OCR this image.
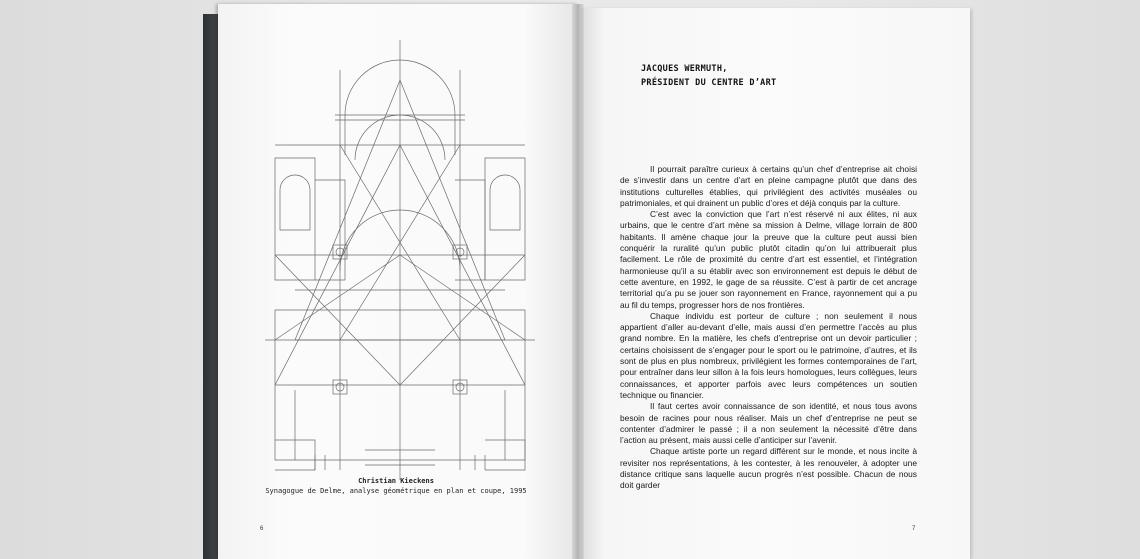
Christian Kieckens
Synagogue de Delme, analyse géométrique en plan et coupe, 1995
6
JACQUES WERMUTH,
PRÉSIDENT DU CENTRE D’ART

Il pourrait paraître curieux à certains qu’un chef d’entreprise ait choisi de s’investir dans un centre d’art en pleine campagne plutôt que dans des institutions culturelles établies, qui privilégient des activités muséales ou patrimoniales, et qui drainent un public d’ores et déjà conquis par la culture.

C’est avec la conviction que l’art n’est réservé ni aux élites, ni aux urbains, que le centre d’art mène sa mission à Delme, village lorrain de 800 habitants. Il amène chaque jour la preuve que la culture peut aussi bien conquérir la ruralité qu’un public plutôt citadin qu’on lui attribuerait plus facilement. Le rôle de proximité du centre d’art est essentiel, et l’intégration harmonieuse qu’il a su établir avec son environnement est depuis le début de cette aventure, en 1992, le gage de sa réussite. C’est à partir de cet ancrage territorial qu’a pu se jouer son rayonnement en France, rayonnement qui a pu au fil du temps, progresser hors de nos frontières.

Chaque individu est porteur de culture ; non seulement il nous appartient d’aller au-devant d’elle, mais aussi d’en permettre l’accès au plus grand nombre. En la matière, les chefs d’entreprise ont un devoir particulier ; certains choisissent de s’engager pour le sport ou le patrimoine, d’autres, et ils sont de plus en plus nombreux, privilégient les formes contemporaines de l’art, pour entraîner dans leur sillon à la fois leurs homologues, leurs collègues, leurs connaissances, et apporter parfois avec leurs compétences un soutien technique ou financier.

Il faut certes avoir connaissance de son identité, et nous tous avons besoin de racines pour nous réaliser. Mais un chef d’entreprise ne peut se contenter d’admirer le passé ; il a non seulement la nécessité d’être dans l’action au présent, mais aussi celle d’anticiper sur l’avenir.

Chaque artiste porte un regard différent sur le monde, et nous incite à revisiter nos représentations, à les contester, à les renouveler, à adopter une distance critique sans laquelle aucun progrès n’est possible. Chacun de nous doit garder

7
